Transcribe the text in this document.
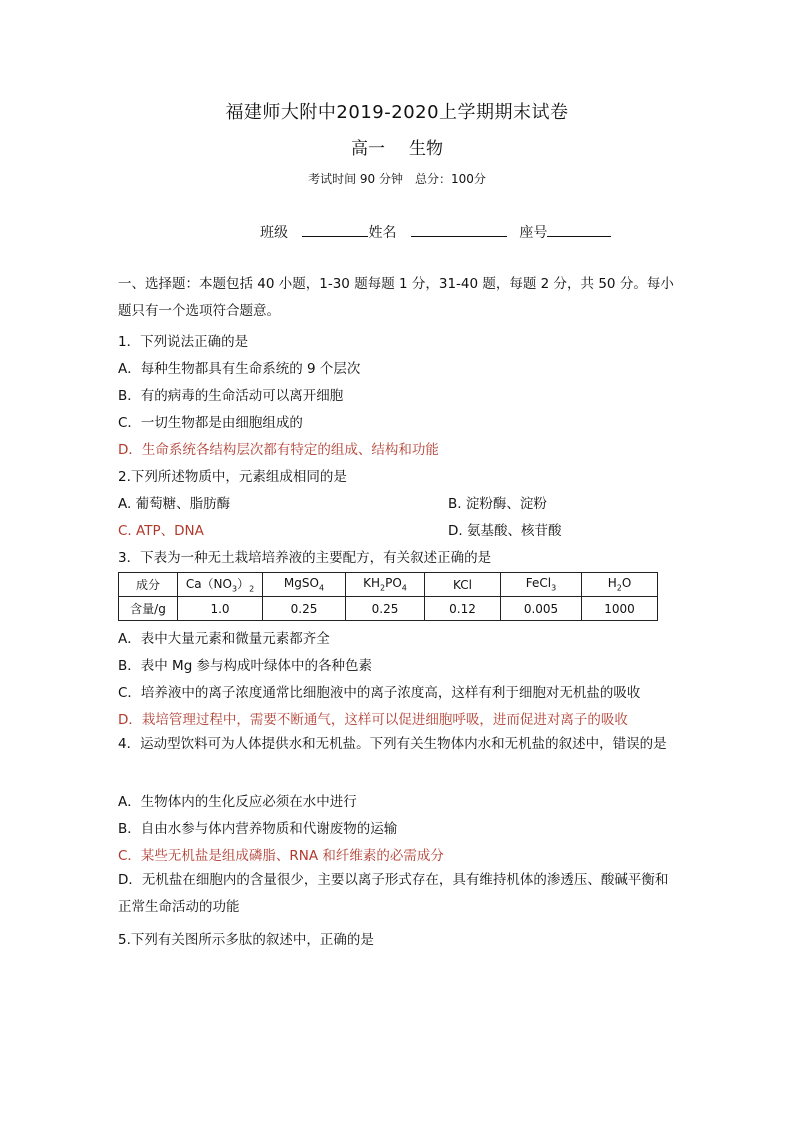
福建师大附中2019-2020上学期期末试卷
高一 生物
考试时间 90 分钟 总分：100分
班级	姓名	座号
一、选择题：本题包括 40 小题，1-30 题每题 1 分，31-40 题，每题 2 分，共 50 分。每小题只有一个选项符合题意。
1．下列说法正确的是
A．每种生物都具有生命系统的 9 个层次
B．有的病毒的生命活动可以离开细胞
C．一切生物都是由细胞组成的
D．生命系统各结构层次都有特定的组成、结构和功能
2.下列所述物质中，元素组成相同的是
A. 葡萄糖、脂肪酶	B. 淀粉酶、淀粉
C. ATP、DNA	D. 氨基酸、核苷酸
3．下表为一种无土栽培培养液的主要配方，有关叙述正确的是
成分	$Ca(NO_3)_2$	MgSO$_4$	$KH_2PO_4$	KCl	FeCl$_3$	$H_2O$
含量/g	1.0	0.25	0.25	0.12	0.005	1000
A．表中大量元素和微量元素都齐全
B．表中 Mg 参与构成叶绿体中的各种色素
C．培养液中的离子浓度通常比细胞液中的离子浓度高，这样有利于细胞对无机盐的吸收
D．栽培管理过程中，需要不断通气，这样可以促进细胞呼吸，进而促进对离子的吸收
4．运动型饮料可为人体提供水和无机盐。下列有关生物体内水和无机盐的叙述中，错误的是
A．生物体内的生化反应必须在水中进行
B．自由水参与体内营养物质和代谢废物的运输
C．某些无机盐是组成磷脂、RNA 和纤维素的必需成分
D．无机盐在细胞内的含量很少，主要以离子形式存在，具有维持机体的渗透压、酸碱平衡和正常生命活动的功能
5.下列有关图所示多肽的叙述中，正确的是
